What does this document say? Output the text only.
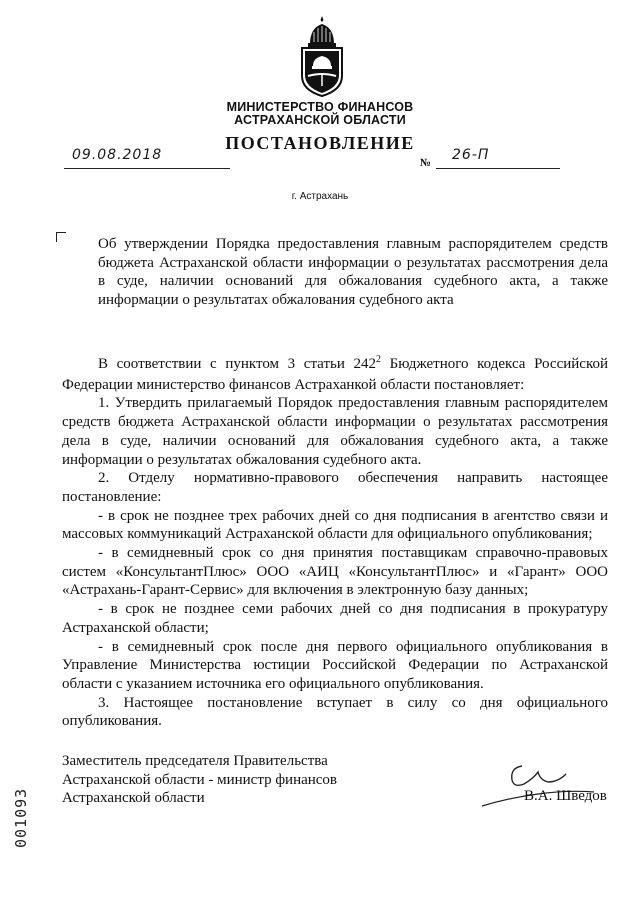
МИНИСТЕРСТВО ФИНАНСОВ
АСТРАХАНСКОЙ ОБЛАСТИ
ПОСТАНОВЛЕНИЕ
09.08.2018	№ 26-П
г. Астрахань
Об утверждении Порядка предоставления главным распорядителем средств бюджета Астраханской области информации о результатах рассмотрения дела в суде, наличии оснований для обжалования судебного акта, а также информации о результатах обжалования судебного акта

В соответствии с пунктом 3 статьи $242^2$ Бюджетного кодекса Российской Федерации министерство финансов Астраханкой области постановляет:

1. Утвердить прилагаемый Порядок предоставления главным распорядителем средств бюджета Астраханской области информации о результатах рассмотрения дела в суде, наличии оснований для обжалования судебного акта, а также информации о результатах обжалования судебного акта.

2. Отделу нормативно-правового обеспечения направить настоящее постановление:

- в срок не позднее трех рабочих дней со дня подписания в агентство связи и массовых коммуникаций Астраханской области для официального опубликования;

- в семидневный срок со дня принятия поставщикам справочно-правовых систем «КонсультантПлюс» ООО «АИЦ «КонсультантПлюс» и «Гарант» ООО «Астрахань-Гарант-Сервис» для включения в электронную базу данных;

- в срок не позднее семи рабочих дней со дня подписания в прокуратуру Астраханской области;

- в семидневный срок после дня первого официального опубликования в Управление Министерства юстиции Российской Федерации по Астраханской области с указанием источника его официального опубликования.

3. Настоящее постановление вступает в силу со дня официального опубликования.

Заместитель председателя Правительства
Астраханской области - министр финансов
Астраханской области	В.А. Шведов
001093
